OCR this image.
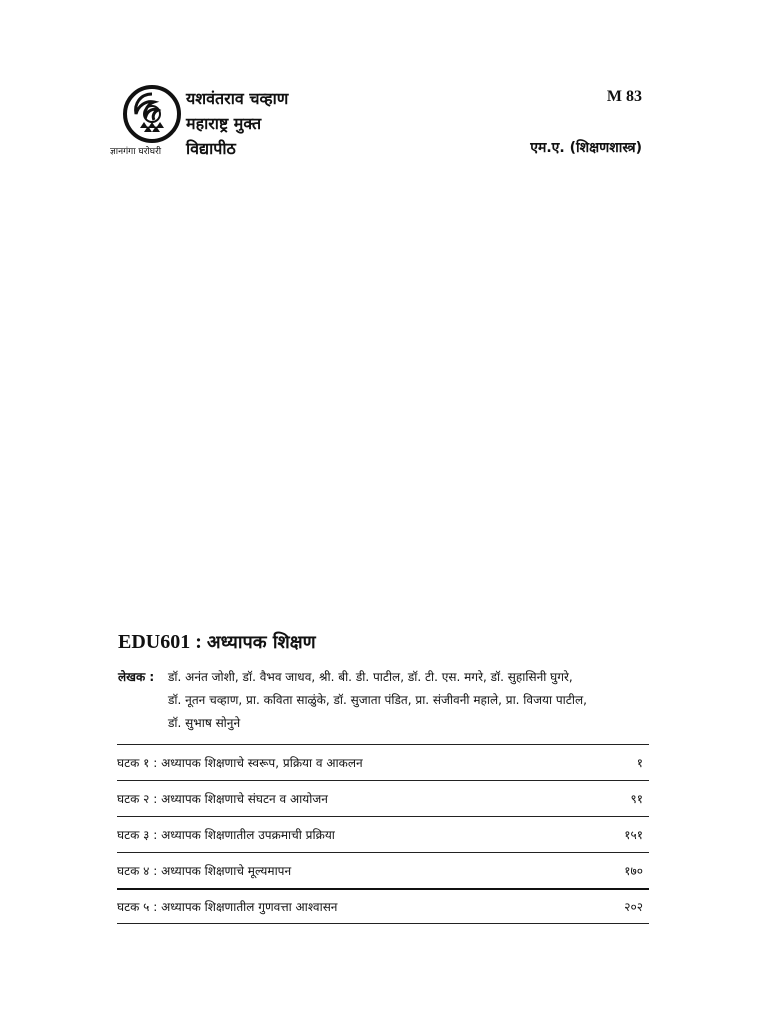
ज्ञानगंगा घरोघरी
यशवंतराव चव्हाण
महाराष्ट्र मुक्त
विद्यापीठ
M 83
एम.ए. (शिक्षणशास्त्र)
EDU601 : अध्यापक शिक्षण
लेखक : डॉ. अनंत जोशी, डॉ. वैभव जाधव, श्री. बी. डी. पाटील, डॉ. टी. एस. मगरे, डॉ. सुहासिनी घुगरे,
डॉ. नूतन चव्हाण, प्रा. कविता साळुंके, डॉ. सुजाता पंडित, प्रा. संजीवनी महाले, प्रा. विजया पाटील,
डॉ. सुभाष सोनुने
घटक १ : अध्यापक शिक्षणाचे स्वरूप, प्रक्रिया व आकलन	१
घटक २ : अध्यापक शिक्षणाचे संघटन व आयोजन	९१
घटक ३ : अध्यापक शिक्षणातील उपक्रमाची प्रक्रिया	१५१
घटक ४ : अध्यापक शिक्षणाचे मूल्यमापन	१७०
घटक ५ : अध्यापक शिक्षणातील गुणवत्ता आश्वासन	२०२
